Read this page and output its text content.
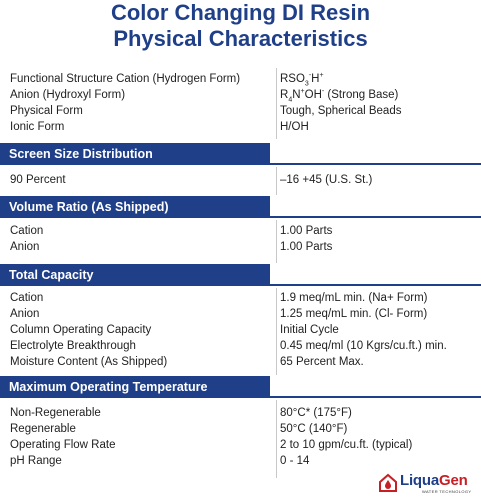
Color Changing DI Resin
Physical Characteristics
Functional Structure Cation (Hydrogen Form)	$RSO_3^-H^+$
Anion (Hydroxyl Form)	$R_4N^+OH^-$ (Strong Base)
Physical Form	Tough, Spherical Beads
Ionic Form	H/OH
Screen Size Distribution
90 Percent	–16 +45 (U.S. St.)
Volume Ratio (As Shipped)
Cation	1.00 Parts
Anion	1.00 Parts
Total Capacity
Cation	1.9 meq/mL min. (Na+ Form)
Anion	1.25 meq/mL min. (Cl- Form)
Column Operating Capacity	Initial Cycle
Electrolyte Breakthrough	0.45 meq/ml (10 Kgrs/cu.ft.) min.
Moisture Content (As Shipped)	65 Percent Max.
Maximum Operating Temperature
Non-Regenerable	80°C* (175°F)
Regenerable	50°C (140°F)
Operating Flow Rate	2 to 10 gpm/cu.ft. (typical)
pH Range	0 - 14
LiquaGen
WATER TECHNOLOGY
